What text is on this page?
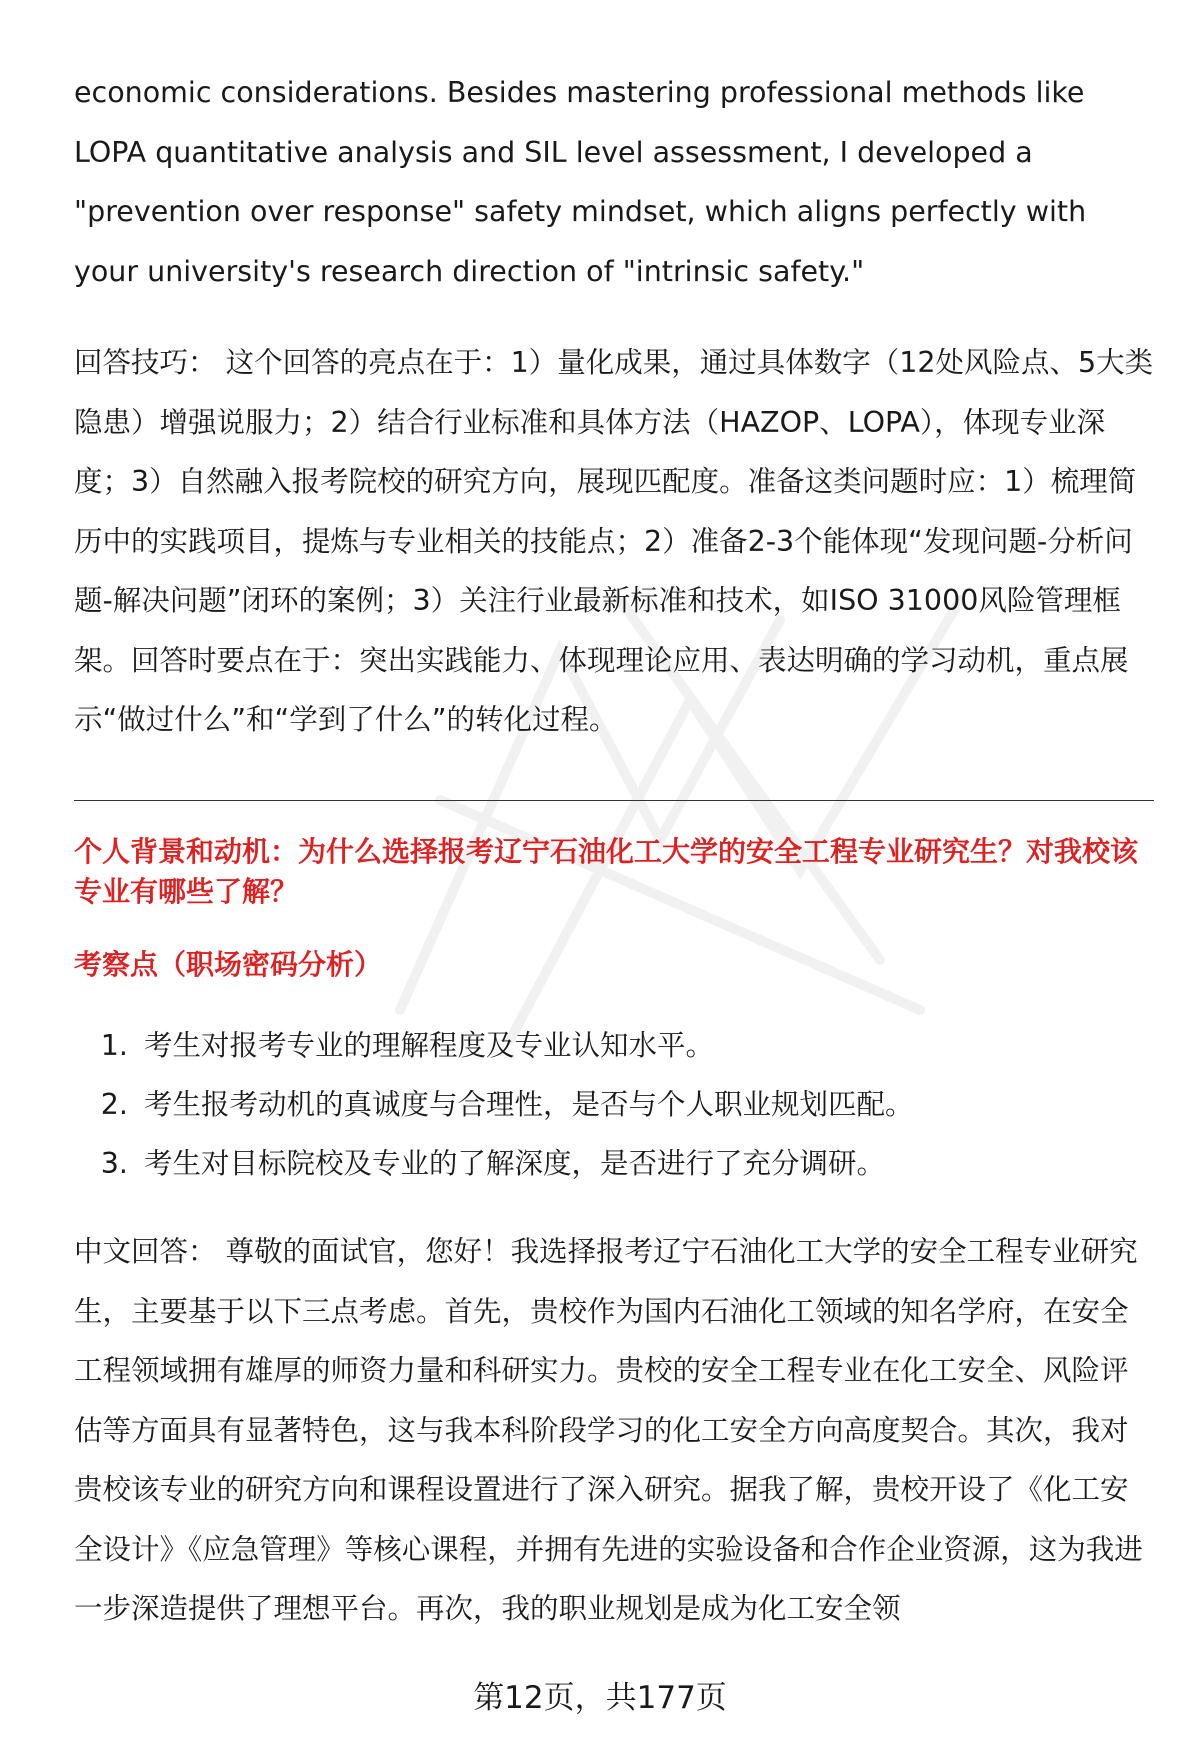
economic considerations. Besides mastering professional methods like LOPA quantitative analysis and SIL level assessment, I developed a "prevention over response" safety mindset, which aligns perfectly with your university's research direction of "intrinsic safety."

回答技巧： 这个回答的亮点在于：1）量化成果，通过具体数字（12处风险点、5大类隐患）增强说服力；2）结合行业标准和具体方法（HAZOP、LOPA），体现专业深度；3）自然融入报考院校的研究方向，展现匹配度。准备这类问题时应：1）梳理简历中的实践项目，提炼与专业相关的技能点；2）准备2-3个能体现“发现问题-分析问题-解决问题”闭环的案例；3）关注行业最新标准和技术，如ISO 31000风险管理框架。回答时要点在于：突出实践能力、体现理论应用、表达明确的学习动机，重点展示“做过什么”和“学到了什么”的转化过程。

个人背景和动机：为什么选择报考辽宁石油化工大学的安全工程专业研究生？对我校该专业有哪些了解？

考察点（职场密码分析）

1. 考生对报考专业的理解程度及专业认知水平。
2. 考生报考动机的真诚度与合理性，是否与个人职业规划匹配。
3. 考生对目标院校及专业的了解深度，是否进行了充分调研。

中文回答： 尊敬的面试官，您好！我选择报考辽宁石油化工大学的安全工程专业研究生，主要基于以下三点考虑。首先，贵校作为国内石油化工领域的知名学府，在安全工程领域拥有雄厚的师资力量和科研实力。贵校的安全工程专业在化工安全、风险评估等方面具有显著特色，这与我本科阶段学习的化工安全方向高度契合。其次，我对贵校该专业的研究方向和课程设置进行了深入研究。据我了解，贵校开设了《化工安全设计》《应急管理》等核心课程，并拥有先进的实验设备和合作企业资源，这为我进一步深造提供了理想平台。再次，我的职业规划是成为化工安全领

第12页，共177页
